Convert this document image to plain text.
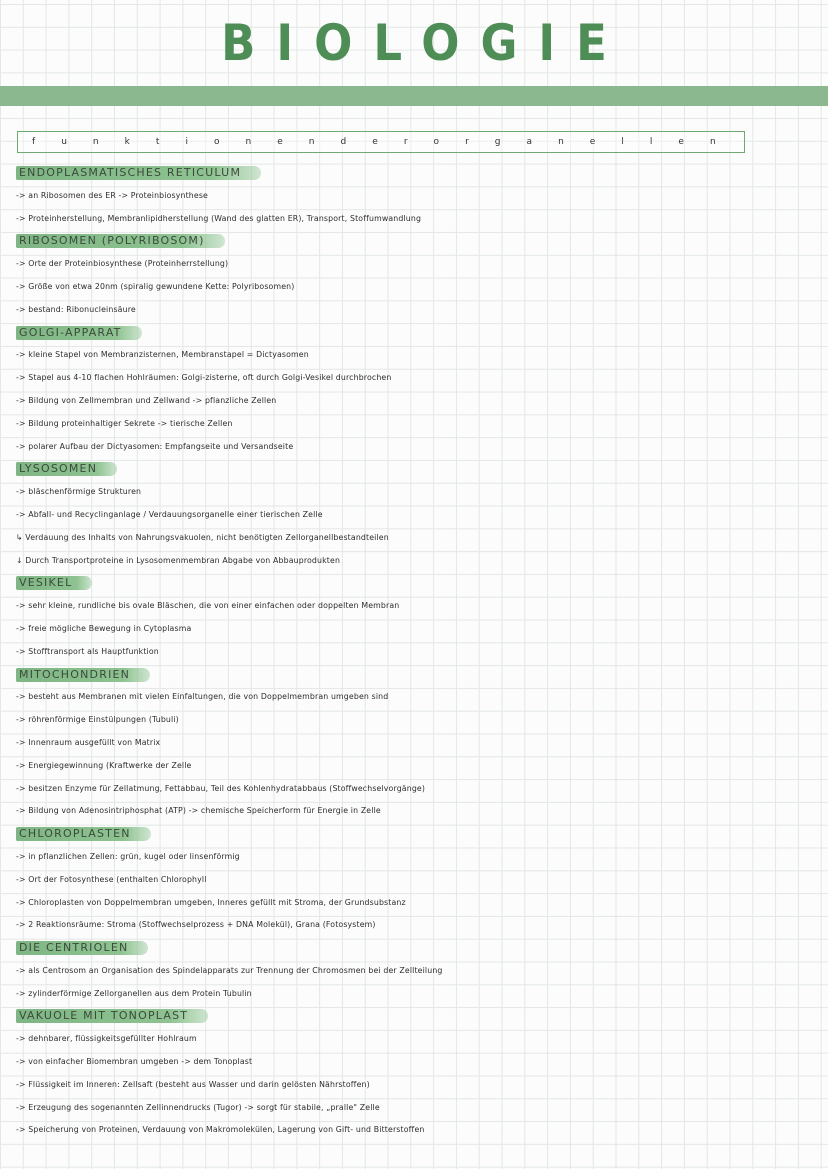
BIOLOGIE
f	u	n	k	t	i	o	n	e	n	d	e	r	o	r	g	a	n	e	l	l	e	n
ENDOPLASMATISCHES RETICULUM
-> an Ribosomen des ER -> Proteinbiosynthese
-> Proteinherstellung, Membranlipidherstellung (Wand des glatten ER), Transport, Stoffumwandlung
RIBOSOMEN (POLYRIBOSOM)
-> Orte der Proteinbiosynthese (Proteinherrstellung)
-> Größe von etwa 20nm (spiralig gewundene Kette: Polyribosomen)
-> bestand: Ribonucleinsäure
GOLGI-APPARAT
-> kleine Stapel von Membranzisternen, Membranstapel = Dictyasomen
-> Stapel aus 4-10 flachen Hohlräumen: Golgi-zisterne, oft durch Golgi-Vesikel durchbrochen
-> Bildung von Zellmembran und Zellwand -> pflanzliche Zellen
-> Bildung proteinhaltiger Sekrete -> tierische Zellen
-> polarer Aufbau der Dictyasomen: Empfangseite und Versandseite
LYSOSOMEN
-> bläschenförmige Strukturen
-> Abfall- und Recyclinganlage / Verdauungsorganelle einer tierischen Zelle
↳ Verdauung des Inhalts von Nahrungsvakuolen, nicht benötigten Zellorganellbestandteilen
↓ Durch Transportproteine in Lysosomenmembran Abgabe von Abbauprodukten
VESIKEL
-> sehr kleine, rundliche bis ovale Bläschen, die von einer einfachen oder doppelten Membran
-> freie mögliche Bewegung in Cytoplasma
-> Stofftransport als Hauptfunktion
MITOCHONDRIEN
-> besteht aus Membranen mit vielen Einfaltungen, die von Doppelmembran umgeben sind
-> röhrenförmige Einstülpungen (Tubuli)
-> Innenraum ausgefüllt von Matrix
-> Energiegewinnung (Kraftwerke der Zelle
-> besitzen Enzyme für Zellatmung, Fettabbau, Teil des Kohlenhydratabbaus (Stoffwechselvorgänge)
-> Bildung von Adenosintriphosphat (ATP) -> chemische Speicherform für Energie in Zelle
CHLOROPLASTEN
-> in pflanzlichen Zellen: grün, kugel oder linsenförmig
-> Ort der Fotosynthese (enthalten Chlorophyll
-> Chloroplasten von Doppelmembran umgeben, Inneres gefüllt mit Stroma, der Grundsubstanz
-> 2 Reaktionsräume: Stroma (Stoffwechselprozess + DNA Molekül), Grana (Fotosystem)
DIE CENTRIOLEN
-> als Centrosom an Organisation des Spindelapparats zur Trennung der Chromosmen bei der Zellteilung
-> zylinderförmige Zellorganellen aus dem Protein Tubulin
VAKUOLE MIT TONOPLAST
-> dehnbarer, flüssigkeitsgefüllter Hohlraum
-> von einfacher Biomembran umgeben -> dem Tonoplast
-> Flüssigkeit im Inneren: Zellsaft (besteht aus Wasser und darin gelösten Nährstoffen)
-> Erzeugung des sogenannten Zellinnendrucks (Tugor) -> sorgt für stabile, „pralle" Zelle
-> Speicherung von Proteinen, Verdauung von Makromolekülen, Lagerung von Gift- und Bitterstoffen
